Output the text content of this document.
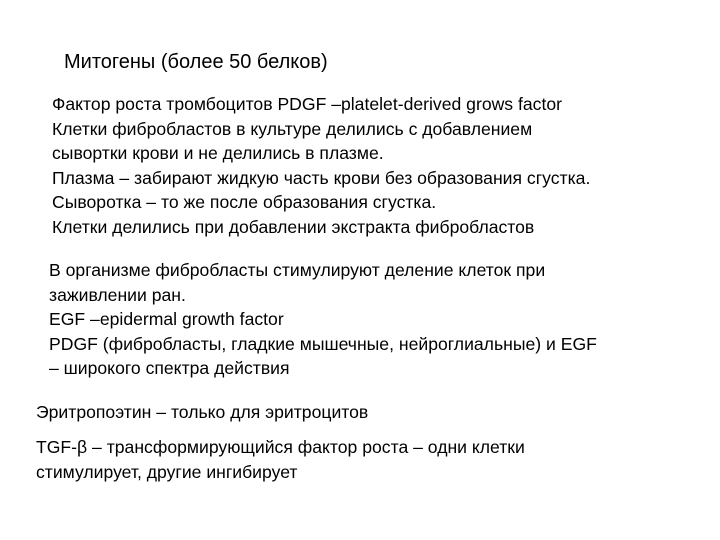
Митогены (более 50 белков)
Фактор роста тромбоцитов PDGF –platelet-derived grows factor
Клетки фибробластов в культуре делились с добавлением
сывортки крови и не делились в плазме.
Плазма – забирают жидкую часть крови без образования сгустка.
Сыворотка – то же после образования сгустка.
Клетки делились при добавлении экстракта фибробластов
В организме фибробласты стимулируют деление клеток при
заживлении ран.
EGF –epidermal growth factor
PDGF (фибробласты, гладкие мышечные, нейроглиальные) и EGF
– широкого спектра действия
Эритропоэтин – только для эритроцитов
TGF-β – трансформирующийся фактор роста – одни клетки
стимулирует, другие ингибирует
